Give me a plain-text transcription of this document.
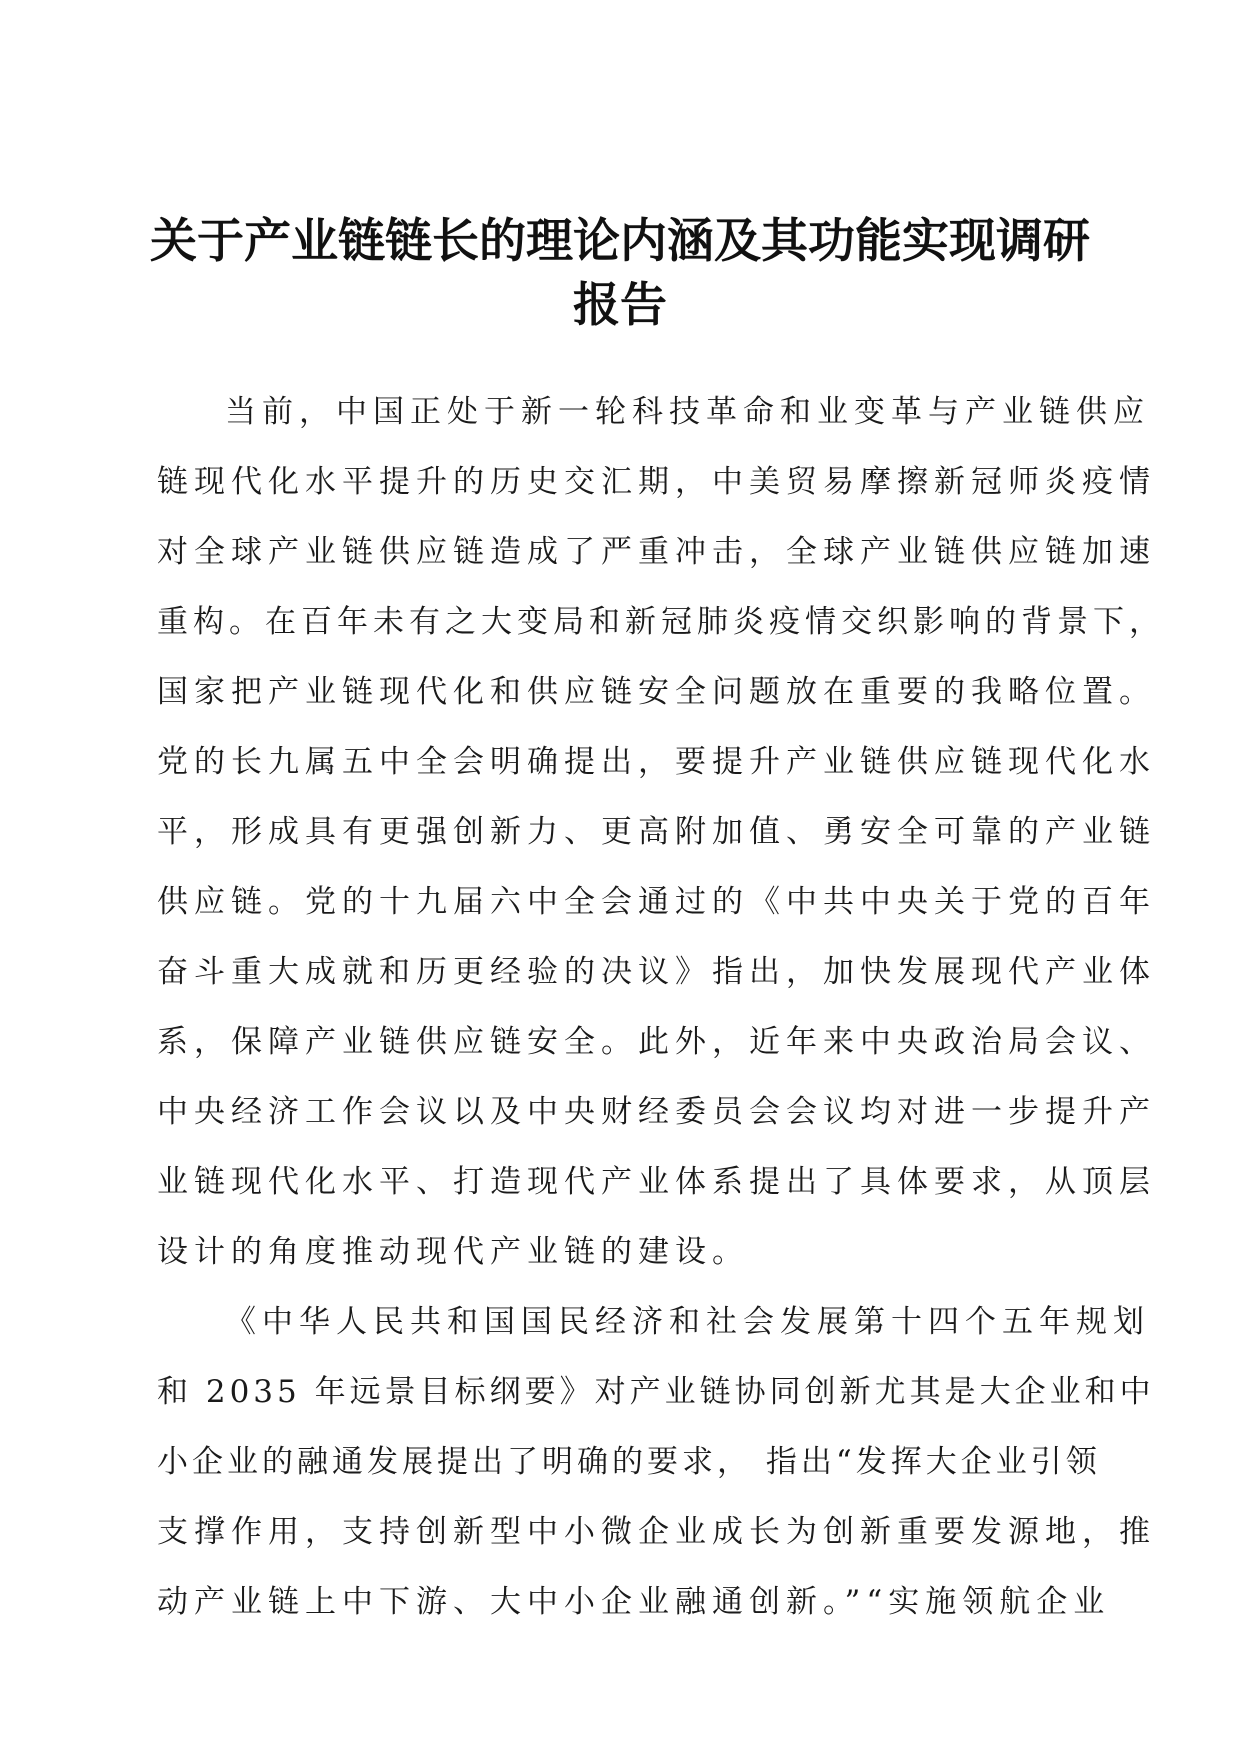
关于产业链链长的理论内涵及其功能实现调研
报告
当前，中国正处于新一轮科技革命和业变革与产业链供应
链现代化水平提升的历史交汇期，中美贸易摩擦新冠师炎疫情
对全球产业链供应链造成了严重冲击，全球产业链供应链加速
重构。在百年未有之大变局和新冠肺炎疫情交织影响的背景下，
国家把产业链现代化和供应链安全问题放在重要的我略位置。
党的长九属五中全会明确提出，要提升产业链供应链现代化水
平，形成具有更强创新力、更高附加值、勇安全可靠的产业链
供应链。党的十九届六中全会通过的《中共中央关于党的百年
奋斗重大成就和历更经验的决议》指出，加快发展现代产业体
系，保障产业链供应链安全。此外，近年来中央政治局会议、
中央经济工作会议以及中央财经委员会会议均对进一步提升产
业链现代化水平、打造现代产业体系提出了具体要求，从顶层
设计的角度推动现代产业链的建设。
《中华人民共和国国民经济和社会发展第十四个五年规划
和 2035 年远景目标纲要》对产业链协同创新尤其是大企业和中
小企业的融通发展提出了明确的要求， 指出“发挥大企业引领
支撑作用，支持创新型中小微企业成长为创新重要发源地，推
动产业链上中下游、大中小企业融通创新。”“实施领航企业
